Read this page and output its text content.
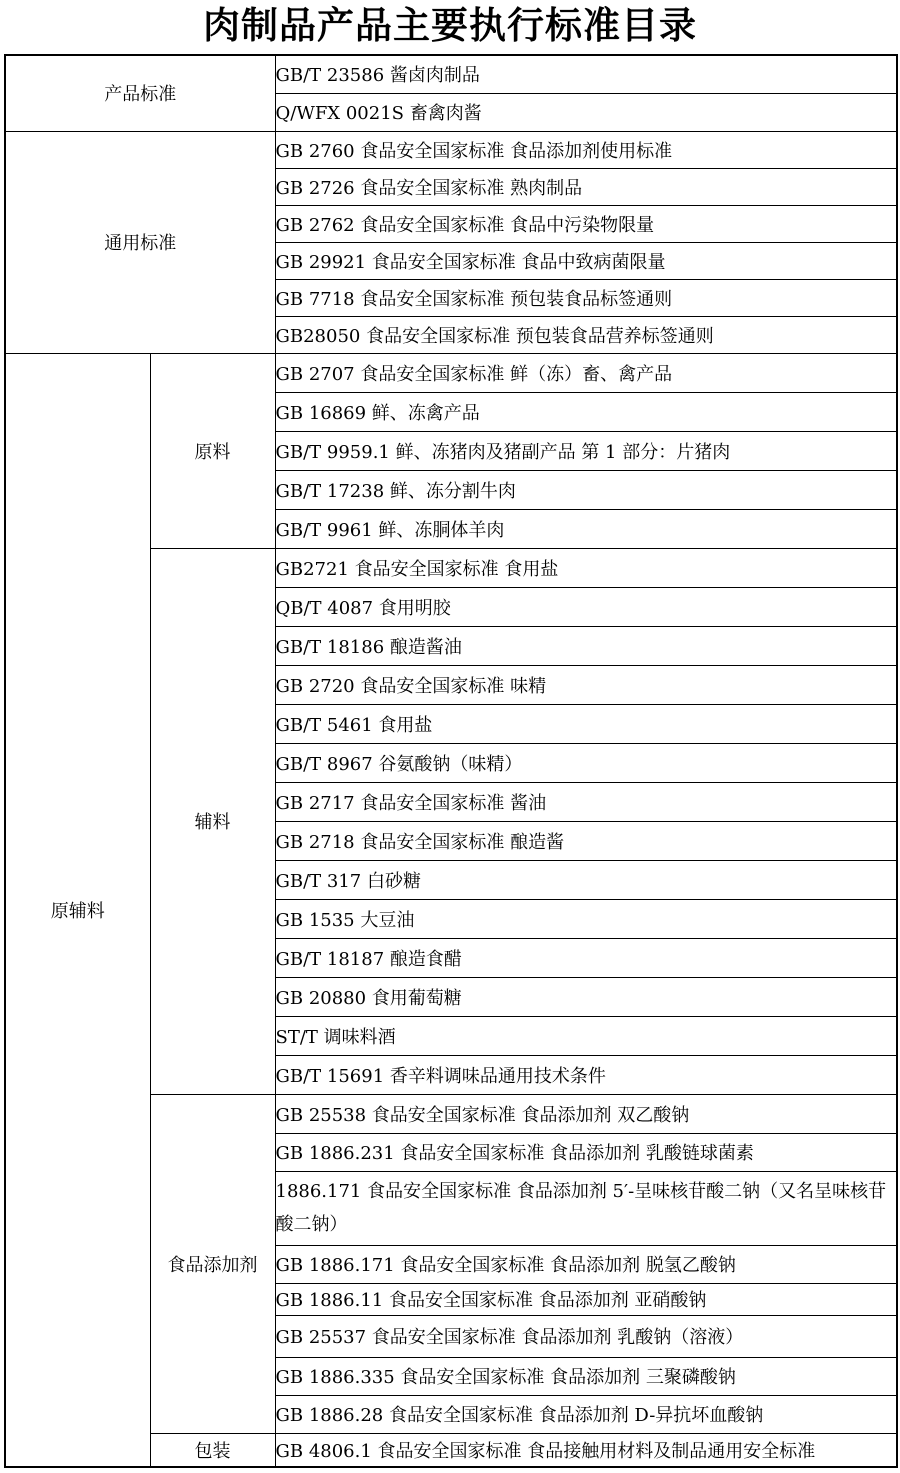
肉制品产品主要执行标准目录
产品标准		GB/T 23586 酱卤肉制品
		Q/WFX 0021S 畜禽肉酱
通用标准		GB 2760 食品安全国家标准 食品添加剂使用标准
		GB 2726 食品安全国家标准 熟肉制品
		GB 2762 食品安全国家标准 食品中污染物限量
		GB 29921 食品安全国家标准 食品中致病菌限量
		GB 7718 食品安全国家标准 预包装食品标签通则
		GB28050 食品安全国家标准 预包装食品营养标签通则
原辅料	原料	GB 2707 食品安全国家标准 鲜（冻）畜、禽产品
		GB 16869 鲜、冻禽产品
		GB/T 9959.1 鲜、冻猪肉及猪副产品 第 1 部分：片猪肉
		GB/T 17238 鲜、冻分割牛肉
		GB/T 9961 鲜、冻胴体羊肉
	辅料	GB2721 食品安全国家标准 食用盐
		QB/T 4087 食用明胶
		GB/T 18186 酿造酱油
		GB 2720 食品安全国家标准 味精
		GB/T 5461 食用盐
		GB/T 8967 谷氨酸钠（味精）
		GB 2717 食品安全国家标准 酱油
		GB 2718 食品安全国家标准 酿造酱
		GB/T 317 白砂糖
		GB 1535 大豆油
		GB/T 18187 酿造食醋
		GB 20880 食用葡萄糖
		ST/T 调味料酒
		GB/T 15691 香辛料调味品通用技术条件
	食品添加剂	GB 25538 食品安全国家标准 食品添加剂 双乙酸钠
		GB 1886.231 食品安全国家标准 食品添加剂 乳酸链球菌素
		1886.171 食品安全国家标准 食品添加剂 5′-呈味核苷酸二钠（又名呈味核苷酸二钠）
		GB 1886.171 食品安全国家标准 食品添加剂 脱氢乙酸钠
		GB 1886.11 食品安全国家标准 食品添加剂 亚硝酸钠
		GB 25537 食品安全国家标准 食品添加剂 乳酸钠（溶液）
		GB 1886.335 食品安全国家标准 食品添加剂 三聚磷酸钠
		GB 1886.28 食品安全国家标准 食品添加剂 D-异抗坏血酸钠
	包装	GB 4806.1 食品安全国家标准 食品接触用材料及制品通用安全标准
